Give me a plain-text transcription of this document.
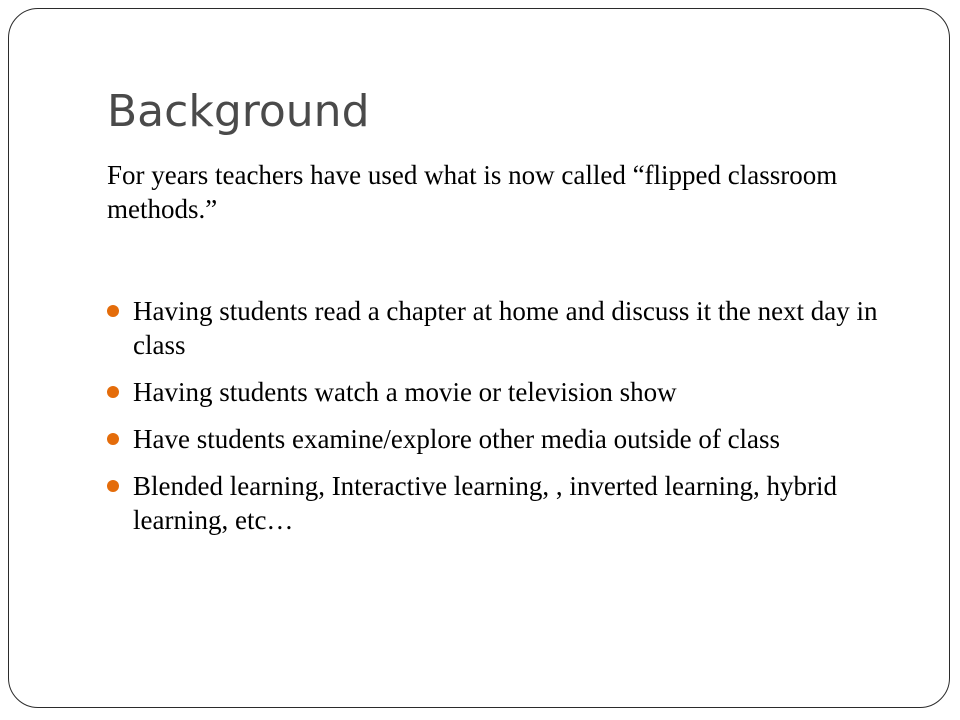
Background

For years teachers have used what is now called “flipped classroom methods.”

Having students read a chapter at home and discuss it the next day in class
Having students watch a movie or television show
Have students examine/explore other media outside of class
Blended learning, Interactive learning, , inverted learning, hybrid learning, etc…
